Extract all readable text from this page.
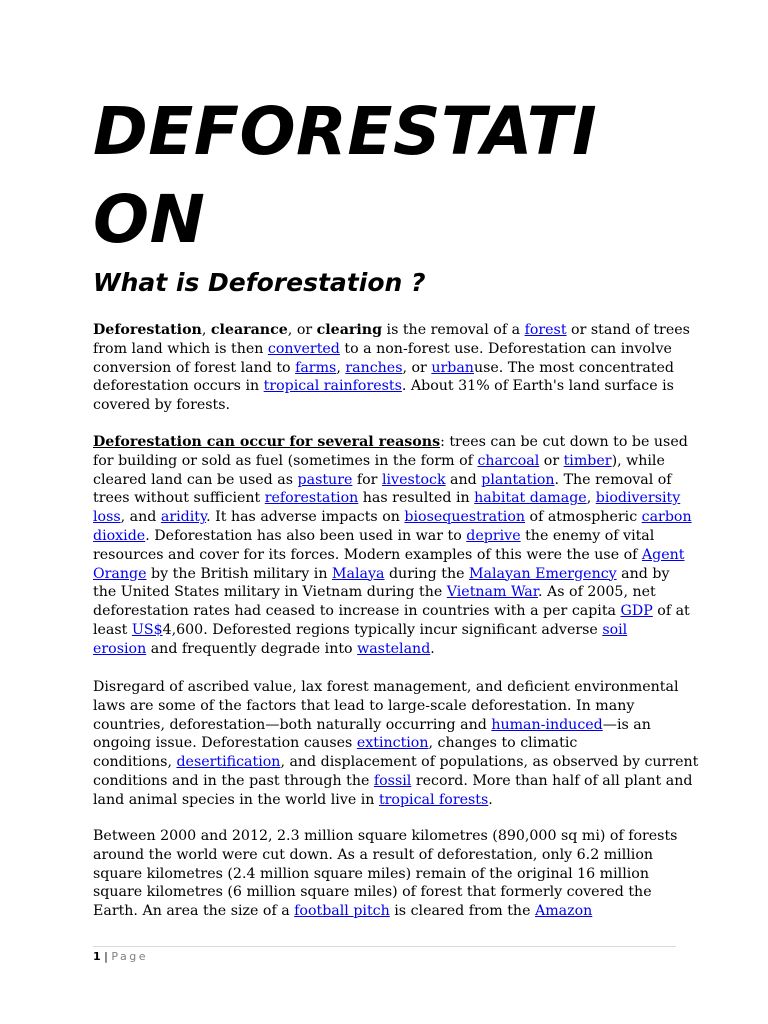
DEFORESTATI
ON
What is Deforestation ?

Deforestation, clearance, or clearing is the removal of a forest or stand of trees
from land which is then converted to a non-forest use. Deforestation can involve
conversion of forest land to farms, ranches, or urbanuse. The most concentrated
deforestation occurs in tropical rainforests. About 31% of Earth's land surface is
covered by forests.

Deforestation can occur for several reasons: trees can be cut down to be used
for building or sold as fuel (sometimes in the form of charcoal or timber), while
cleared land can be used as pasture for livestock and plantation. The removal of
trees without sufficient reforestation has resulted in habitat damage, biodiversity
loss, and aridity. It has adverse impacts on biosequestration of atmospheric carbon
dioxide. Deforestation has also been used in war to deprive the enemy of vital
resources and cover for its forces. Modern examples of this were the use of Agent
Orange by the British military in Malaya during the Malayan Emergency and by
the United States military in Vietnam during the Vietnam War. As of 2005, net
deforestation rates had ceased to increase in countries with a per capita GDP of at
least US$4,600. Deforested regions typically incur significant adverse soil
erosion and frequently degrade into wasteland.

Disregard of ascribed value, lax forest management, and deficient environmental
laws are some of the factors that lead to large-scale deforestation. In many
countries, deforestation—both naturally occurring and human-induced—is an
ongoing issue. Deforestation causes extinction, changes to climatic
conditions, desertification, and displacement of populations, as observed by current
conditions and in the past through the fossil record. More than half of all plant and
land animal species in the world live in tropical forests.

Between 2000 and 2012, 2.3 million square kilometres (890,000 sq mi) of forests
around the world were cut down. As a result of deforestation, only 6.2 million
square kilometres (2.4 million square miles) remain of the original 16 million
square kilometres (6 million square miles) of forest that formerly covered the
Earth. An area the size of a football pitch is cleared from the Amazon

1 | Page
